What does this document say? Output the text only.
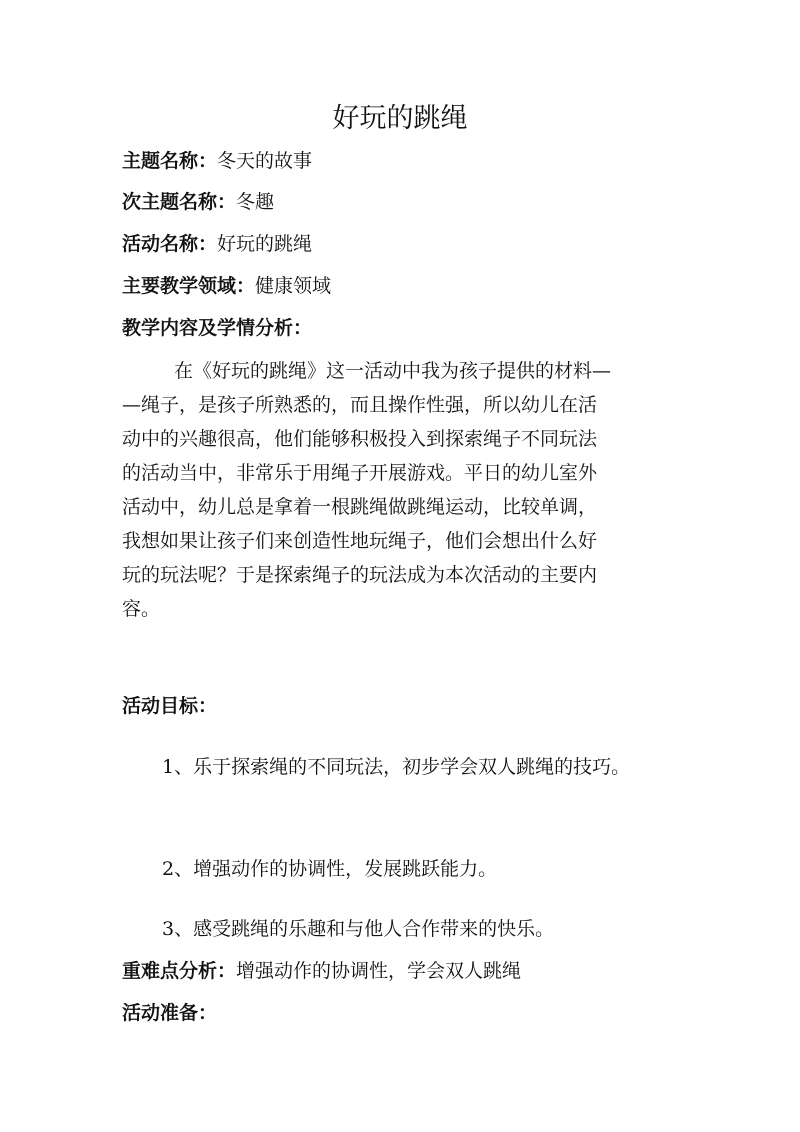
好玩的跳绳

主题名称：冬天的故事

次主题名称：冬趣

活动名称：好玩的跳绳

主要教学领域：健康领域

教学内容及学情分析：

在《好玩的跳绳》这一活动中我为孩子提供的材料—
—绳子，是孩子所熟悉的，而且操作性强，所以幼儿在活
动中的兴趣很高，他们能够积极投入到探索绳子不同玩法
的活动当中，非常乐于用绳子开展游戏。平日的幼儿室外
活动中，幼儿总是拿着一根跳绳做跳绳运动，比较单调，
我想如果让孩子们来创造性地玩绳子，他们会想出什么好
玩的玩法呢？于是探索绳子的玩法成为本次活动的主要内
容。

活动目标：

1、乐于探索绳的不同玩法，初步学会双人跳绳的技巧。

2、增强动作的协调性，发展跳跃能力。

3、感受跳绳的乐趣和与他人合作带来的快乐。

重难点分析：增强动作的协调性，学会双人跳绳

活动准备：
